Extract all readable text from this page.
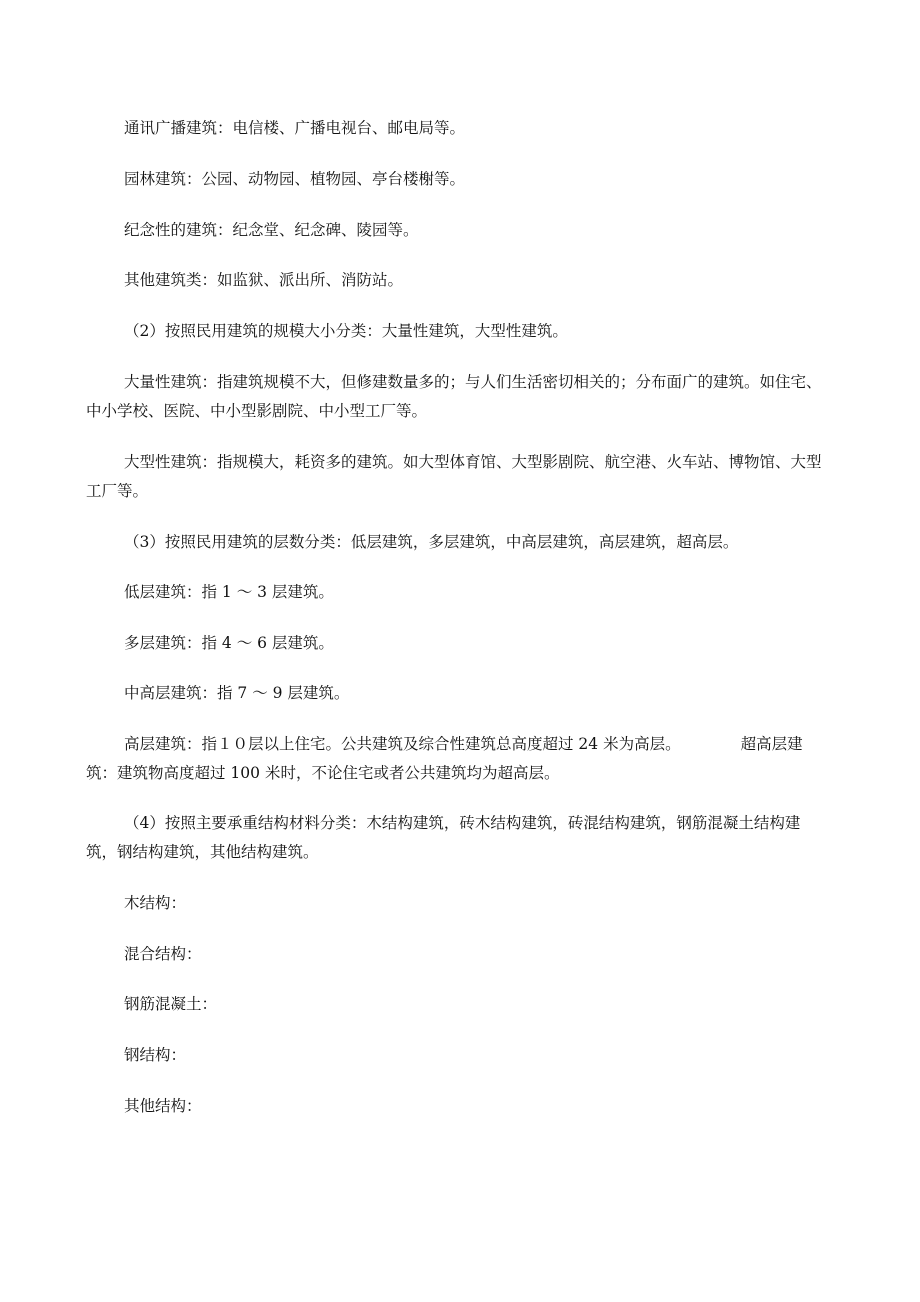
通讯广播建筑：电信楼、广播电视台、邮电局等。

园林建筑：公园、动物园、植物园、亭台楼榭等。

纪念性的建筑：纪念堂、纪念碑、陵园等。

其他建筑类：如监狱、派出所、消防站。

（2）按照民用建筑的规模大小分类：大量性建筑，大型性建筑。

大量性建筑：指建筑规模不大，但修建数量多的；与人们生活密切相关的；分布面广的建筑。如住宅、中小学校、医院、中小型影剧院、中小型工厂等。

大型性建筑：指规模大，耗资多的建筑。如大型体育馆、大型影剧院、航空港、火车站、博物馆、大型工厂等。

（3）按照民用建筑的层数分类：低层建筑，多层建筑，中高层建筑，高层建筑，超高层。

低层建筑：指 1 ～ 3 层建筑。

多层建筑：指 4 ～ 6 层建筑。

中高层建筑：指 7 ～ 9 层建筑。

高层建筑：指１０层以上住宅。公共建筑及综合性建筑总高度超过 24 米为高层。	超高层建筑：建筑物高度超过 100 米时，不论住宅或者公共建筑均为超高层。

（4）按照主要承重结构材料分类：木结构建筑，砖木结构建筑，砖混结构建筑，钢筋混凝土结构建筑，钢结构建筑，其他结构建筑。

木结构：

混合结构：

钢筋混凝土：

钢结构：

其他结构：
